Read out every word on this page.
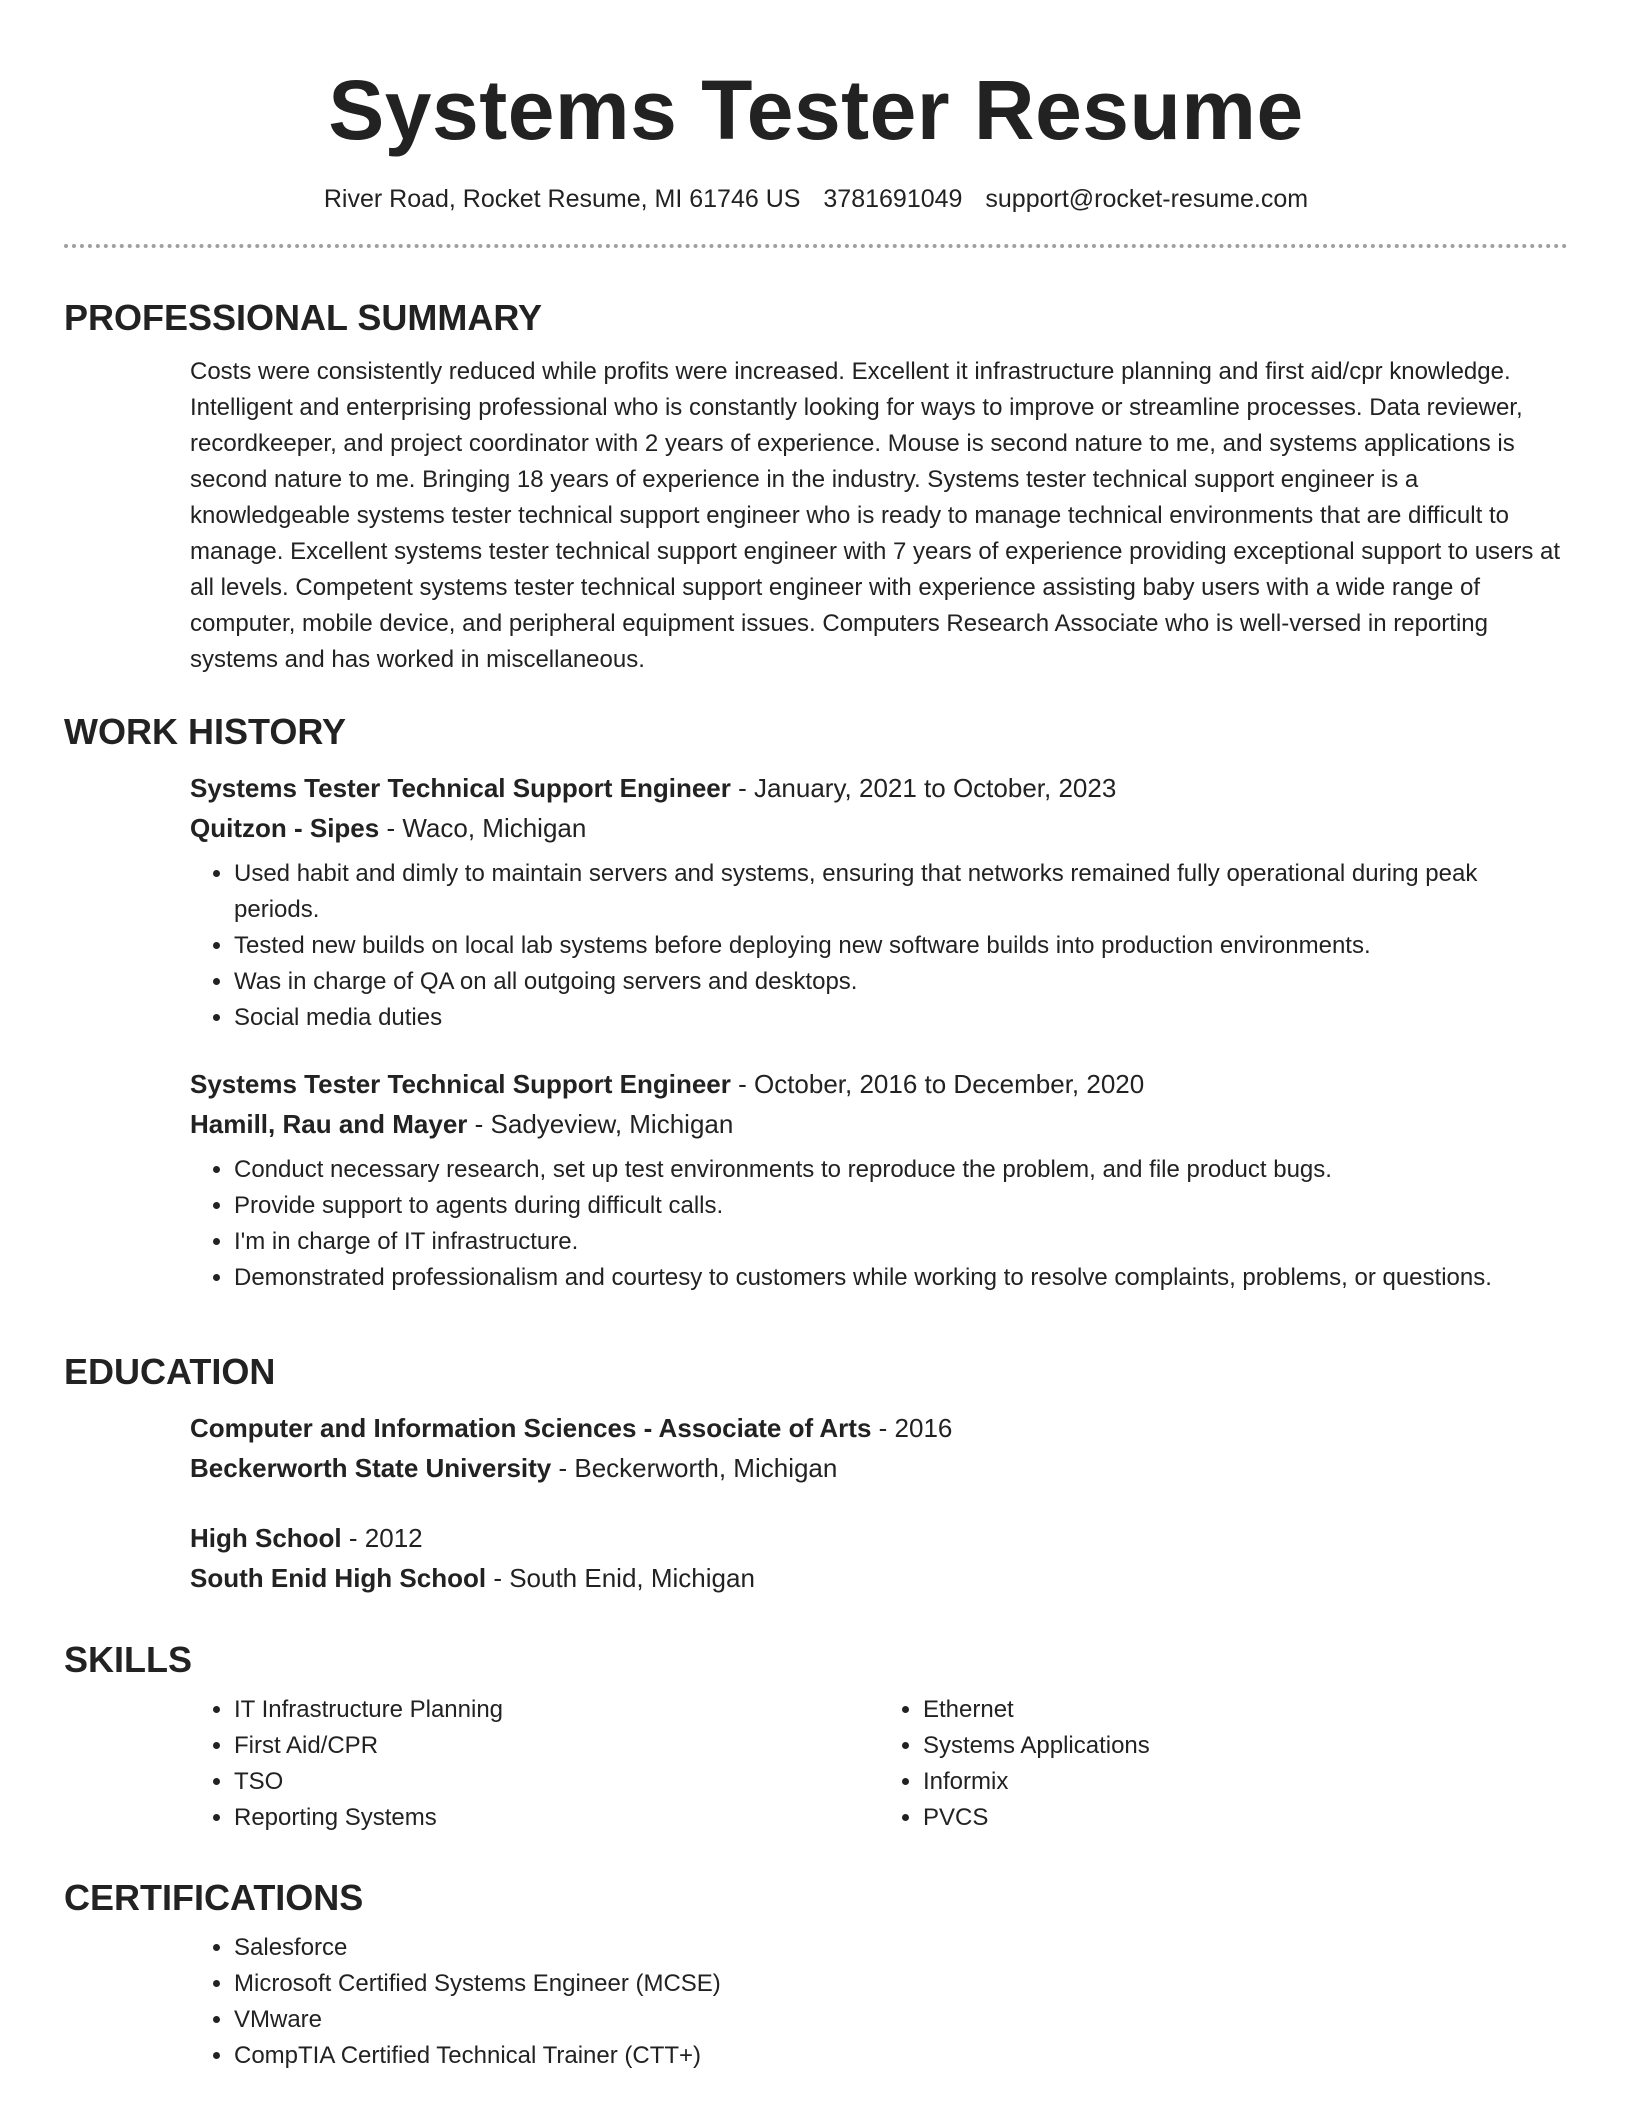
Systems Tester Resume
River Road, Rocket Resume, MI 61746 US 3781691049 support@rocket-resume.com
PROFESSIONAL SUMMARY
Costs were consistently reduced while profits were increased. Excellent it infrastructure planning and first aid/cpr knowledge. Intelligent and enterprising professional who is constantly looking for ways to improve or streamline processes. Data reviewer, recordkeeper, and project coordinator with 2 years of experience. Mouse is second nature to me, and systems applications is second nature to me. Bringing 18 years of experience in the industry. Systems tester technical support engineer is a knowledgeable systems tester technical support engineer who is ready to manage technical environments that are difficult to manage. Excellent systems tester technical support engineer with 7 years of experience providing exceptional support to users at all levels. Competent systems tester technical support engineer with experience assisting baby users with a wide range of computer, mobile device, and peripheral equipment issues. Computers Research Associate who is well-versed in reporting systems and has worked in miscellaneous.
WORK HISTORY
Systems Tester Technical Support Engineer - January, 2021 to October, 2023
Quitzon - Sipes - Waco, Michigan
• Used habit and dimly to maintain servers and systems, ensuring that networks remained fully operational during peak periods.
• Tested new builds on local lab systems before deploying new software builds into production environments.
• Was in charge of QA on all outgoing servers and desktops.
• Social media duties
Systems Tester Technical Support Engineer - October, 2016 to December, 2020
Hamill, Rau and Mayer - Sadyeview, Michigan
• Conduct necessary research, set up test environments to reproduce the problem, and file product bugs.
• Provide support to agents during difficult calls.
• I'm in charge of IT infrastructure.
• Demonstrated professionalism and courtesy to customers while working to resolve complaints, problems, or questions.
EDUCATION
Computer and Information Sciences - Associate of Arts - 2016
Beckerworth State University - Beckerworth, Michigan
High School - 2012
South Enid High School - South Enid, Michigan
SKILLS
• IT Infrastructure Planning
• First Aid/CPR
• TSO
• Reporting Systems
• Ethernet
• Systems Applications
• Informix
• PVCS
CERTIFICATIONS
• Salesforce
• Microsoft Certified Systems Engineer (MCSE)
• VMware
• CompTIA Certified Technical Trainer (CTT+)
